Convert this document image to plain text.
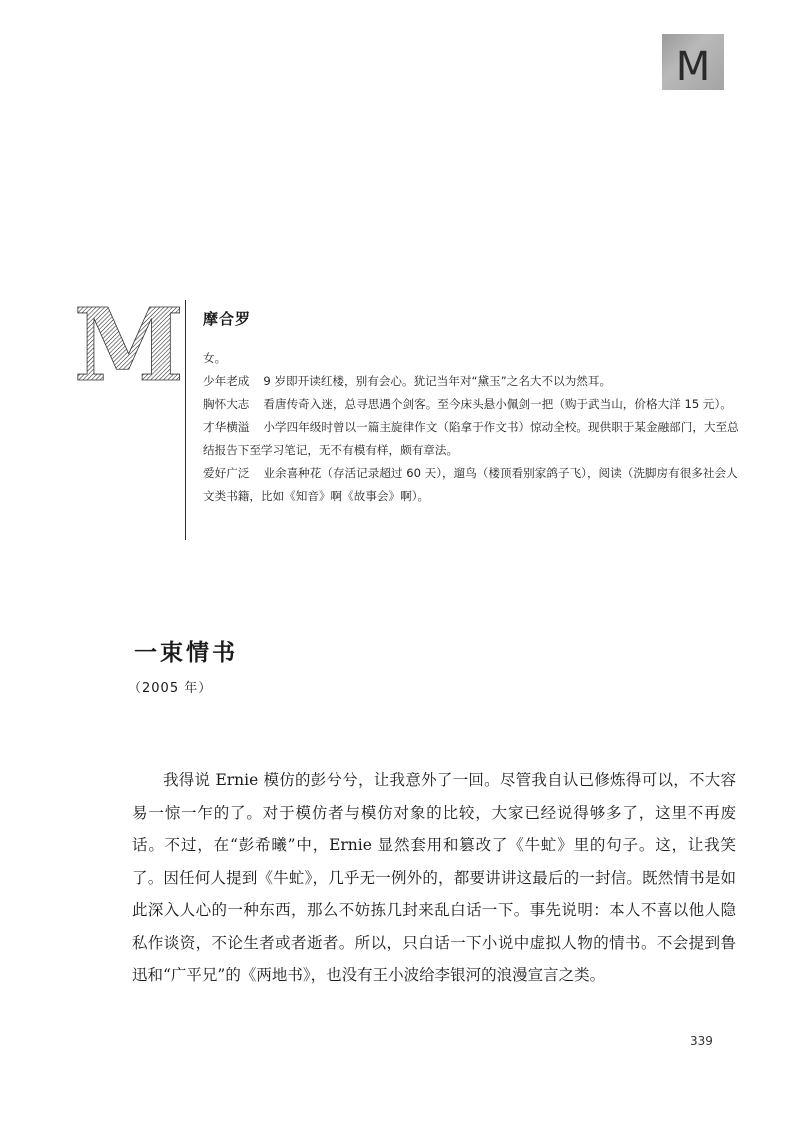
M
M 摩合罗

女。

少年老成 9 岁即开读红楼，别有会心。犹记当年对“黛玉”之名大不以为然耳。

胸怀大志 看唐传奇入迷，总寻思遇个剑客。至今床头悬小佩剑一把（购于武当山，价格大洋 15 元）。

才华横溢 小学四年级时曾以一篇主旋律作文（陷拿于作文书）惊动全校。现供职于某金融部门，大至总结报告下至学习笔记，无不有模有样，颇有章法。

爱好广泛 业余喜种花（存活记录超过 60 天），遛鸟（楼顶看别家鸽子飞），阅读（洗脚房有很多社会人文类书籍，比如《知音》啊《故事会》啊）。

一束情书
（2005 年）

我得说 Ernie 模仿的彭兮兮，让我意外了一回。尽管我自认已修炼得可以，不大容易一惊一乍的了。对于模仿者与模仿对象的比较，大家已经说得够多了，这里不再废话。不过，在“彭希曦”中，Ernie 显然套用和篡改了《牛虻》里的句子。这，让我笑了。因任何人提到《牛虻》，几乎无一例外的，都要讲讲这最后的一封信。既然情书是如此深入人心的一种东西，那么不妨拣几封来乱白话一下。事先说明：本人不喜以他人隐私作谈资，不论生者或者逝者。所以，只白话一下小说中虚拟人物的情书。不会提到鲁迅和“广平兄”的《两地书》，也没有王小波给李银河的浪漫宣言之类。

339
